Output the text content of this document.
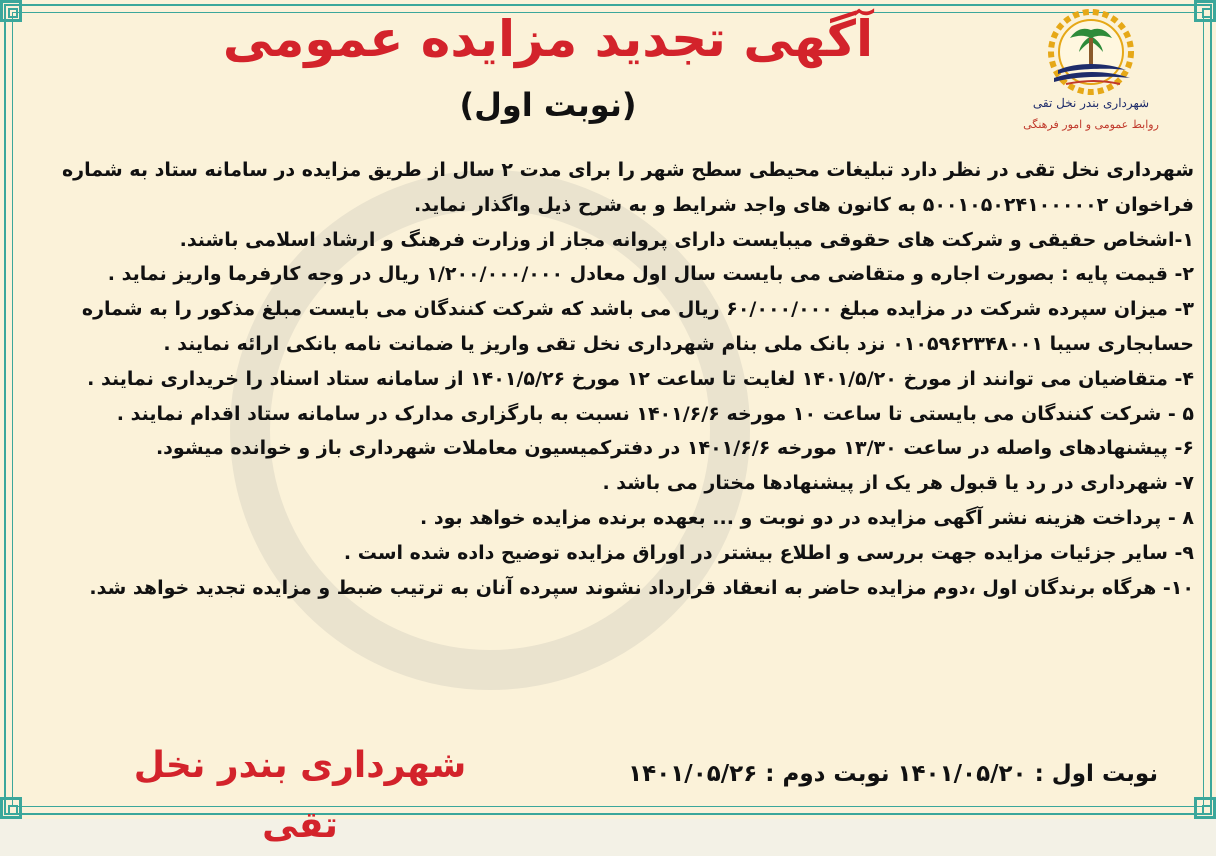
شهرداری بندر نخل تقی
روابط عمومی و امور فرهنگی
آگهی تجدید مزایده عمومی
(نوبت اول)

شهرداری نخل تقی در نظر دارد تبلیغات محیطی سطح شهر را برای مدت ۲ سال از طریق مزایده در سامانه ستاد به شماره فراخوان ۵۰۰۱۰۵۰۲۴۱۰۰۰۰۰۲ به کانون های واجد شرایط و به شرح ذیل واگذار نماید.

۱-اشخاص حقیقی و شرکت های حقوقی میبایست دارای پروانه مجاز از وزارت فرهنگ و ارشاد اسلامی باشند.

۲- قیمت پایه : بصورت اجاره و متقاضی می بایست سال اول معادل ۱/۲۰۰/۰۰۰/۰۰۰ ریال در وجه کارفرما واریز نماید .

۳- میزان سپرده شرکت در مزایده مبلغ ۶۰/۰۰۰/۰۰۰ ریال می باشد که شرکت کنندگان می بایست مبلغ مذکور را به شماره حسابجاری سیبا ۰۱۰۵۹۶۲۳۴۸۰۰۱ نزد بانک ملی بنام شهرداری نخل تقی واریز یا ضمانت نامه بانکی ارائه نمایند .

۴- متقاضیان می توانند از مورخ ۱۴۰۱/۵/۲۰ لغایت تا ساعت ۱۲ مورخ ۱۴۰۱/۵/۲۶ از سامانه ستاد اسناد را خریداری نمایند .

۵ - شرکت کنندگان می بایستی تا ساعت ۱۰ مورخه ۱۴۰۱/۶/۶ نسبت به بارگزاری مدارک در سامانه ستاد اقدام نمایند .

۶- پیشنهادهای واصله در ساعت ۱۳/۳۰ مورخه ۱۴۰۱/۶/۶ در دفترکمیسیون معاملات شهرداری باز و خوانده میشود.

۷- شهرداری در رد یا قبول هر یک از پیشنهادها مختار می باشد .

۸ - پرداخت هزینه نشر آگهی مزایده در دو نوبت و ... بعهده برنده مزایده خواهد بود .

۹- سایر جزئیات مزایده جهت بررسی و اطلاع بیشتر در اوراق مزایده توضیح داده شده است .

۱۰- هرگاه برندگان اول ،دوم مزایده حاضر به انعقاد قرارداد نشوند سپرده آنان به ترتیب ضبط و مزایده تجدید خواهد شد.

نوبت اول : ۱۴۰۱/۰۵/۲۰ نوبت دوم : ۱۴۰۱/۰۵/۲۶
شهرداری بندر نخل تقی
